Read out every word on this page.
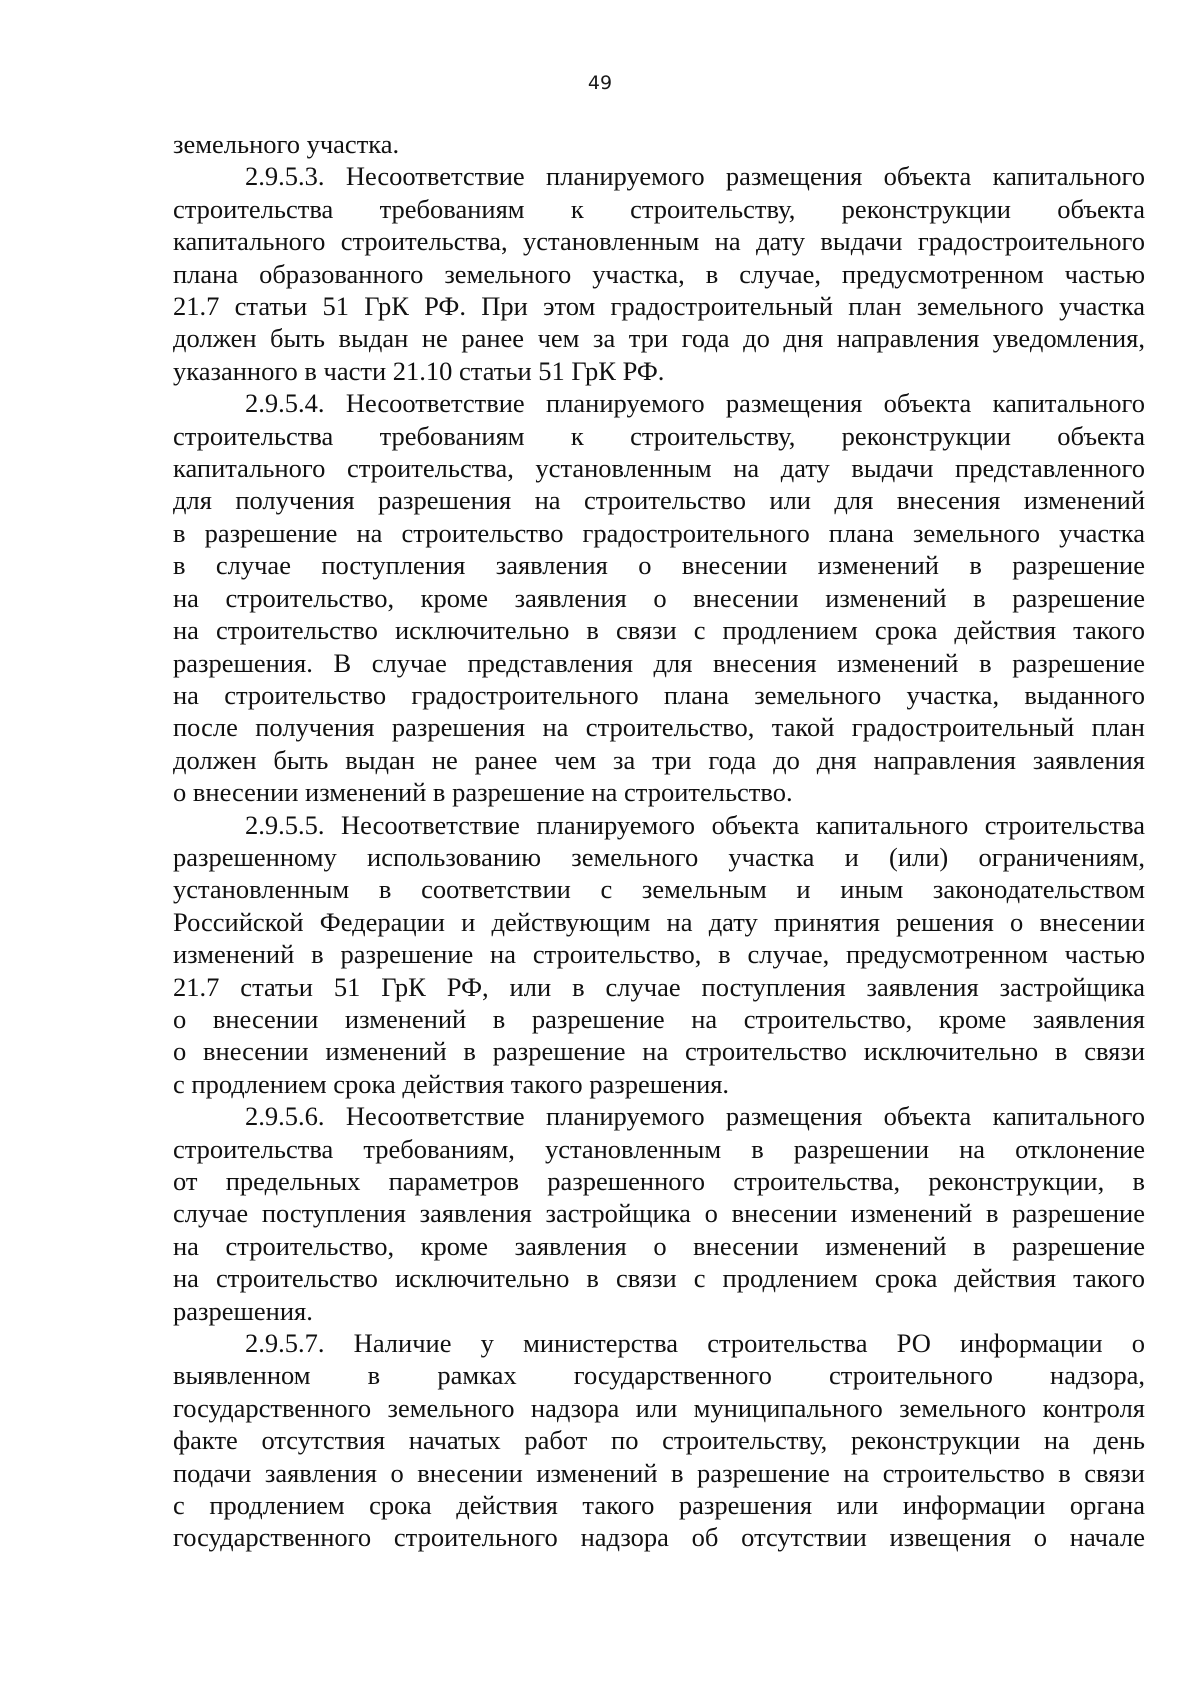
49
земельного участка.
2.9.5.3. Несоответствие планируемого размещения объекта капитального
строительства требованиям к строительству, реконструкции объекта
капитального строительства, установленным на дату выдачи градостроительного
плана образованного земельного участка, в случае, предусмотренном частью
21.7 статьи 51 ГрК РФ. При этом градостроительный план земельного участка
должен быть выдан не ранее чем за три года до дня направления уведомления,
указанного в части 21.10 статьи 51 ГрК РФ.
2.9.5.4. Несоответствие планируемого размещения объекта капитального
строительства требованиям к строительству, реконструкции объекта
капитального строительства, установленным на дату выдачи представленного
для получения разрешения на строительство или для внесения изменений
в разрешение на строительство градостроительного плана земельного участка
в случае поступления заявления о внесении изменений в разрешение
на строительство, кроме заявления о внесении изменений в разрешение
на строительство исключительно в связи с продлением срока действия такого
разрешения. В случае представления для внесения изменений в разрешение
на строительство градостроительного плана земельного участка, выданного
после получения разрешения на строительство, такой градостроительный план
должен быть выдан не ранее чем за три года до дня направления заявления
о внесении изменений в разрешение на строительство.
2.9.5.5. Несоответствие планируемого объекта капитального строительства
разрешенному использованию земельного участка и (или) ограничениям,
установленным в соответствии с земельным и иным законодательством
Российской Федерации и действующим на дату принятия решения о внесении
изменений в разрешение на строительство, в случае, предусмотренном частью
21.7 статьи 51 ГрК РФ, или в случае поступления заявления застройщика
о внесении изменений в разрешение на строительство, кроме заявления
о внесении изменений в разрешение на строительство исключительно в связи
с продлением срока действия такого разрешения.
2.9.5.6. Несоответствие планируемого размещения объекта капитального
строительства требованиям, установленным в разрешении на отклонение
от предельных параметров разрешенного строительства, реконструкции, в
случае поступления заявления застройщика о внесении изменений в разрешение
на строительство, кроме заявления о внесении изменений в разрешение
на строительство исключительно в связи с продлением срока действия такого
разрешения.
2.9.5.7. Наличие у министерства строительства РО информации о
выявленном в рамках государственного строительного надзора,
государственного земельного надзора или муниципального земельного контроля
факте отсутствия начатых работ по строительству, реконструкции на день
подачи заявления о внесении изменений в разрешение на строительство в связи
с продлением срока действия такого разрешения или информации органа
государственного строительного надзора об отсутствии извещения о начале
